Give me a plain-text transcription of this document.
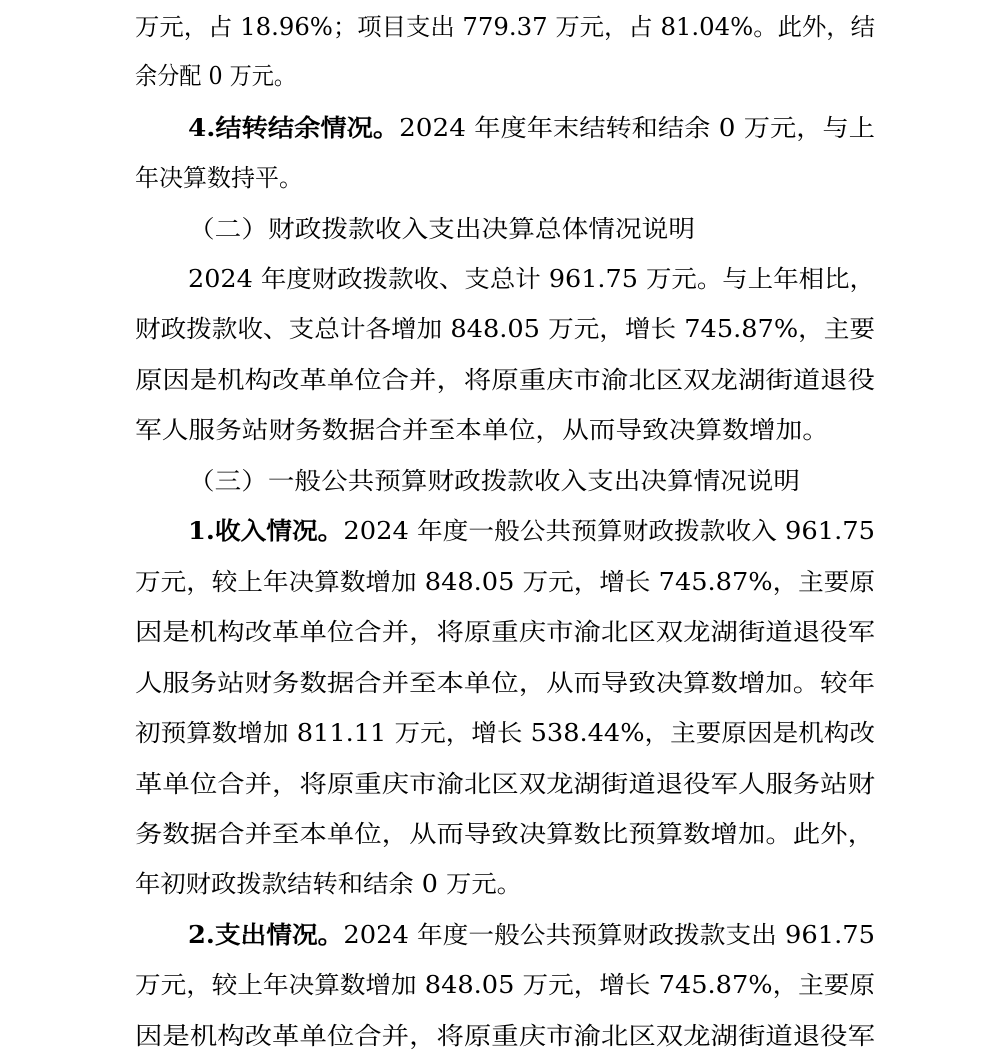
万元，占 18.96%；项目支出 779.37 万元，占 81.04%。此外，结
余分配 0 万元。
4.结转结余情况。2024 年度年末结转和结余 0 万元，与上
年决算数持平。
（二）财政拨款收入支出决算总体情况说明
2024 年度财政拨款收、支总计 961.75 万元。与上年相比，
财政拨款收、支总计各增加 848.05 万元，增长 745.87%，主要
原因是机构改革单位合并，将原重庆市渝北区双龙湖街道退役
军人服务站财务数据合并至本单位，从而导致决算数增加。
（三）一般公共预算财政拨款收入支出决算情况说明
1.收入情况。2024 年度一般公共预算财政拨款收入 961.75
万元，较上年决算数增加 848.05 万元，增长 745.87%，主要原
因是机构改革单位合并，将原重庆市渝北区双龙湖街道退役军
人服务站财务数据合并至本单位，从而导致决算数增加。较年
初预算数增加 811.11 万元，增长 538.44%，主要原因是机构改
革单位合并，将原重庆市渝北区双龙湖街道退役军人服务站财
务数据合并至本单位，从而导致决算数比预算数增加。此外，
年初财政拨款结转和结余 0 万元。
2.支出情况。2024 年度一般公共预算财政拨款支出 961.75
万元，较上年决算数增加 848.05 万元，增长 745.87%，主要原
因是机构改革单位合并，将原重庆市渝北区双龙湖街道退役军
